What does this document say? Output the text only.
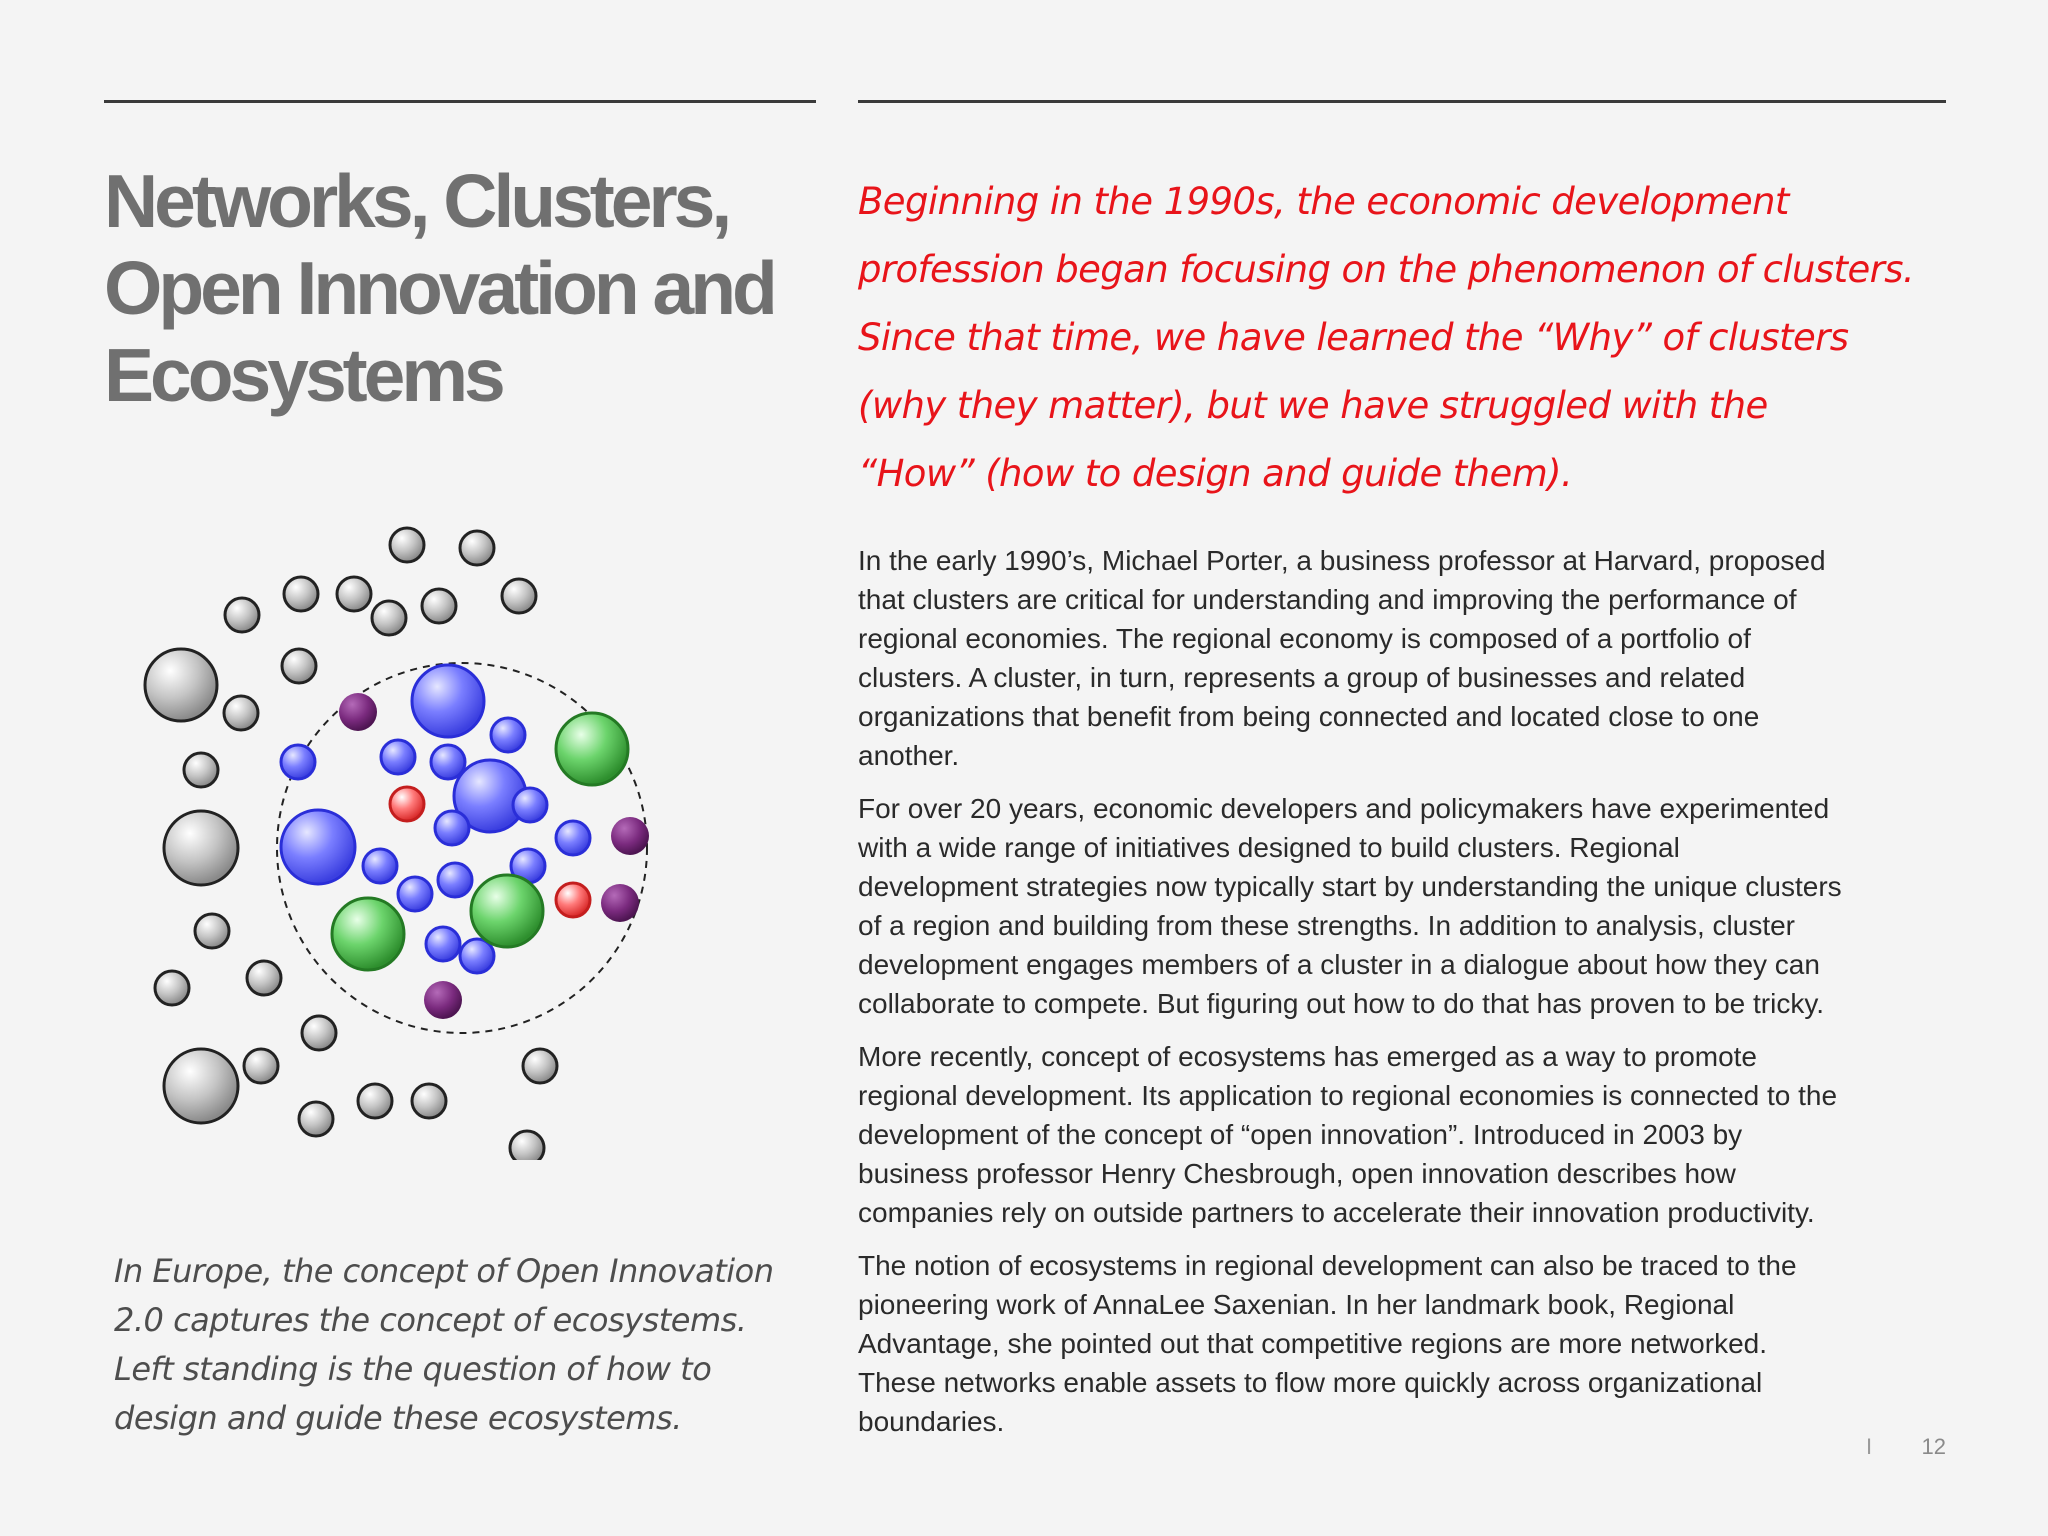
Networks, Clusters,
Open Innovation and
Ecosystems
In Europe, the concept of Open Innovation
2.0 captures the concept of ecosystems.
Left standing is the question of how to
design and guide these ecosystems.
Beginning in the 1990s, the economic development
profession began focusing on the phenomenon of clusters.
Since that time, we have learned the “Why” of clusters
(why they matter), but we have struggled with the
“How” (how to design and guide them).

In the early 1990’s, Michael Porter, a business professor at Harvard, proposed
that clusters are critical for understanding and improving the performance of
regional economies. The regional economy is composed of a portfolio of
clusters. A cluster, in turn, represents a group of businesses and related
organizations that benefit from being connected and located close to one
another.

For over 20 years, economic developers and policymakers have experimented
with a wide range of initiatives designed to build clusters. Regional
development strategies now typically start by understanding the unique clusters
of a region and building from these strengths. In addition to analysis, cluster
development engages members of a cluster in a dialogue about how they can
collaborate to compete. But figuring out how to do that has proven to be tricky.

More recently, concept of ecosystems has emerged as a way to promote
regional development. Its application to regional economies is connected to the
development of the concept of “open innovation”. Introduced in 2003 by
business professor Henry Chesbrough, open innovation describes how
companies rely on outside partners to accelerate their innovation productivity.

The notion of ecosystems in regional development can also be traced to the
pioneering work of AnnaLee Saxenian. In her landmark book, Regional
Advantage, she pointed out that competitive regions are more networked.
These networks enable assets to flow more quickly across organizational
boundaries.

I 12
